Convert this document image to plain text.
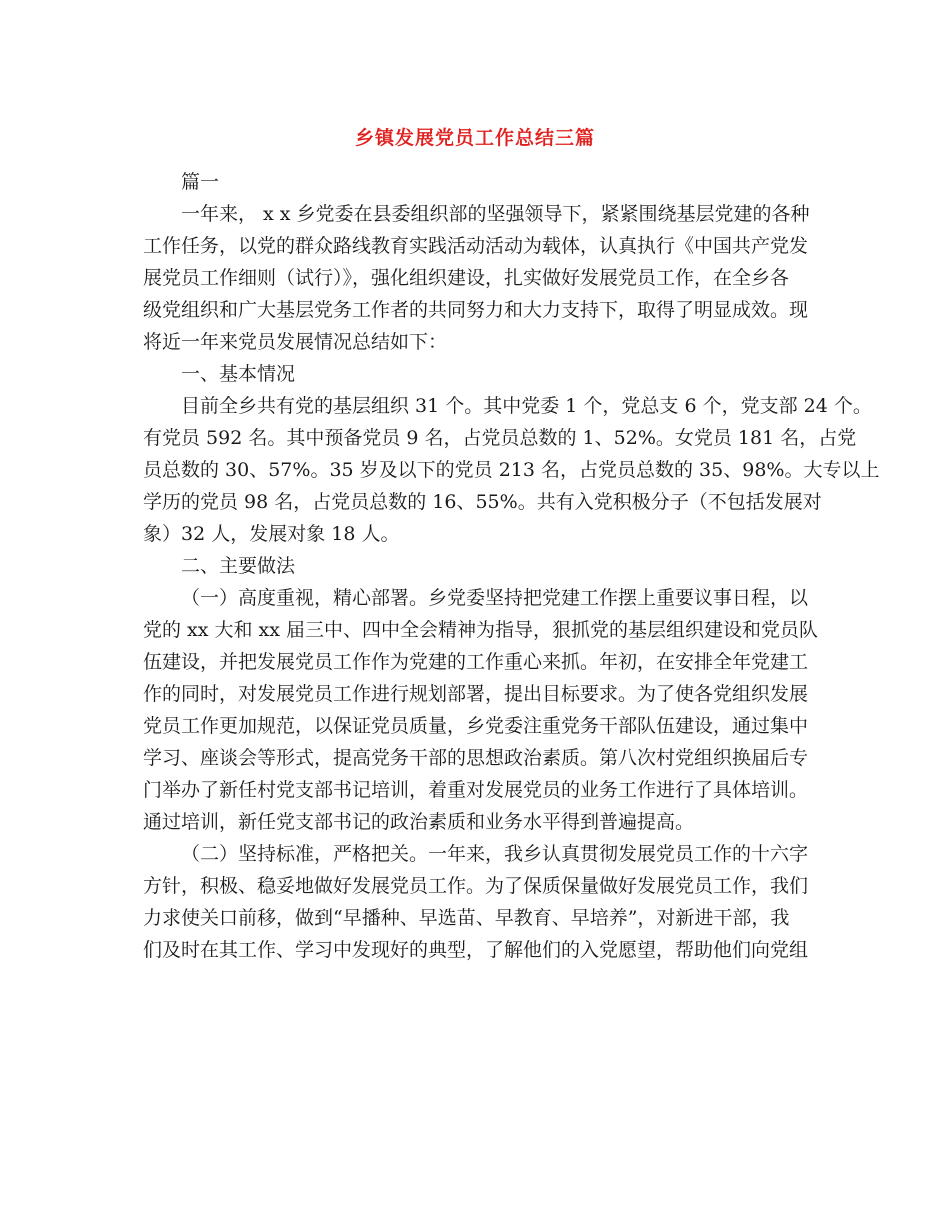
乡镇发展党员工作总结三篇
篇一
一年来， x x 乡党委在县委组织部的坚强领导下，紧紧围绕基层党建的各种
工作任务，以党的群众路线教育实践活动活动为载体，认真执行《中国共产党发
展党员工作细则（试行）》，强化组织建设，扎实做好发展党员工作，在全乡各
级党组织和广大基层党务工作者的共同努力和大力支持下，取得了明显成效。现
将近一年来党员发展情况总结如下：
一、基本情况
目前全乡共有党的基层组织 31 个。其中党委 1 个，党总支 6 个，党支部 24 个。
有党员 592 名。其中预备党员 9 名，占党员总数的 1、52%。女党员 181 名，占党
员总数的 30、57%。35 岁及以下的党员 213 名，占党员总数的 35、98%。大专以上
学历的党员 98 名，占党员总数的 16、55%。共有入党积极分子（不包括发展对
象）32 人，发展对象 18 人。
二、主要做法
（一）高度重视，精心部署。乡党委坚持把党建工作摆上重要议事日程，以
党的 xx 大和 xx 届三中、四中全会精神为指导，狠抓党的基层组织建设和党员队
伍建设，并把发展党员工作作为党建的工作重心来抓。年初，在安排全年党建工
作的同时，对发展党员工作进行规划部署，提出目标要求。为了使各党组织发展
党员工作更加规范，以保证党员质量，乡党委注重党务干部队伍建设，通过集中
学习、座谈会等形式，提高党务干部的思想政治素质。第八次村党组织换届后专
门举办了新任村党支部书记培训，着重对发展党员的业务工作进行了具体培训。
通过培训，新任党支部书记的政治素质和业务水平得到普遍提高。
（二）坚持标准，严格把关。一年来，我乡认真贯彻发展党员工作的十六字
方针，积极、稳妥地做好发展党员工作。为了保质保量做好发展党员工作，我们
力求使关口前移，做到“早播种、早选苗、早教育、早培养”，对新进干部，我
们及时在其工作、学习中发现好的典型，了解他们的入党愿望，帮助他们向党组
